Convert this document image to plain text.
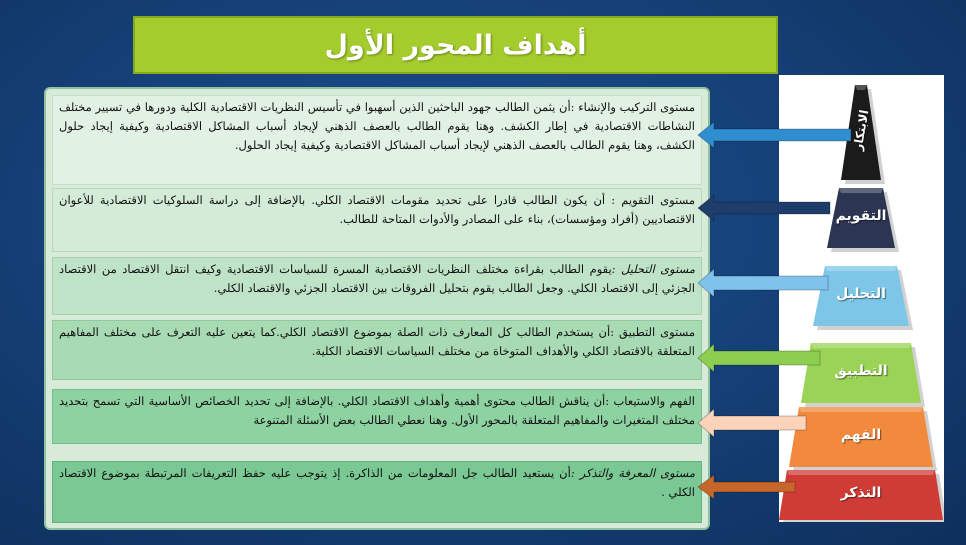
أهداف المحور الأول
مستوى التركيب والإنشاء :أن يثمن الطالب جهود الباحثين الذين أسهبوا في تأسيس النظريات الاقتصادية الكلية ودورها في تسيير مختلف النشاطات الاقتصادية في إطار الكشف. وهنا يقوم الطالب بالعصف الذهني لإيجاد أسباب المشاكل الاقتصادية وكيفية إيجاد حلول الكشف، وهنا يقوم الطالب بالعصف الذهني لإيجاد أسباب المشاكل الاقتصادية وكيفية إيجاد الحلول.
مستوى التقويم : أن يكون الطالب قادرا على تحديد مقومات الاقتصاد الكلي. بالإضافة إلى دراسة السلوكيات الاقتصادية للأعوان الاقتصاديين (أفراد ومؤسسات)، بناء على المصادر والأدوات المتاحة للطالب.
مستوى التحليل :يقوم الطالب بقراءة مختلف النظريات الاقتصادية المسرة للسياسات الاقتصادية وكيف انتقل الاقتصاد من الاقتصاد الجزئي إلى الاقتصاد الكلي. وجعل الطالب يقوم بتحليل الفروقات بين الاقتصاد الجزئي والاقتصاد الكلي.
مستوى التطبيق :أن يستخدم الطالب كل المعارف ذات الصلة بموضوع الاقتصاد الكلي.كما يتعين عليه التعرف على مختلف المفاهيم المتعلقة بالاقتصاد الكلي والأهداف المتوخاة من مختلف السياسات الاقتصاد الكلية.
الفهم والاستيعاب :أن يناقش الطالب محتوى أهمية وأهداف الاقتصاد الكلي. بالإضافة إلى تحديد الخصائص الأساسية التي تسمح بتحديد مختلف المتغيرات والمفاهيم المتعلقة بالمحور الأول. وهنا نعطي الطالب بعض الأسئلة المتنوعة
مستوى المعرفة والتذكر :أن يستعيد الطالب جل المعلومات من الذاكرة. إذ يتوجب عليه حفظ التعريفات المرتبطة بموضوع الاقتصاد الكلي .
الابتكار
التقويم
التحليل
التطبيق
الفهم
التذكر
